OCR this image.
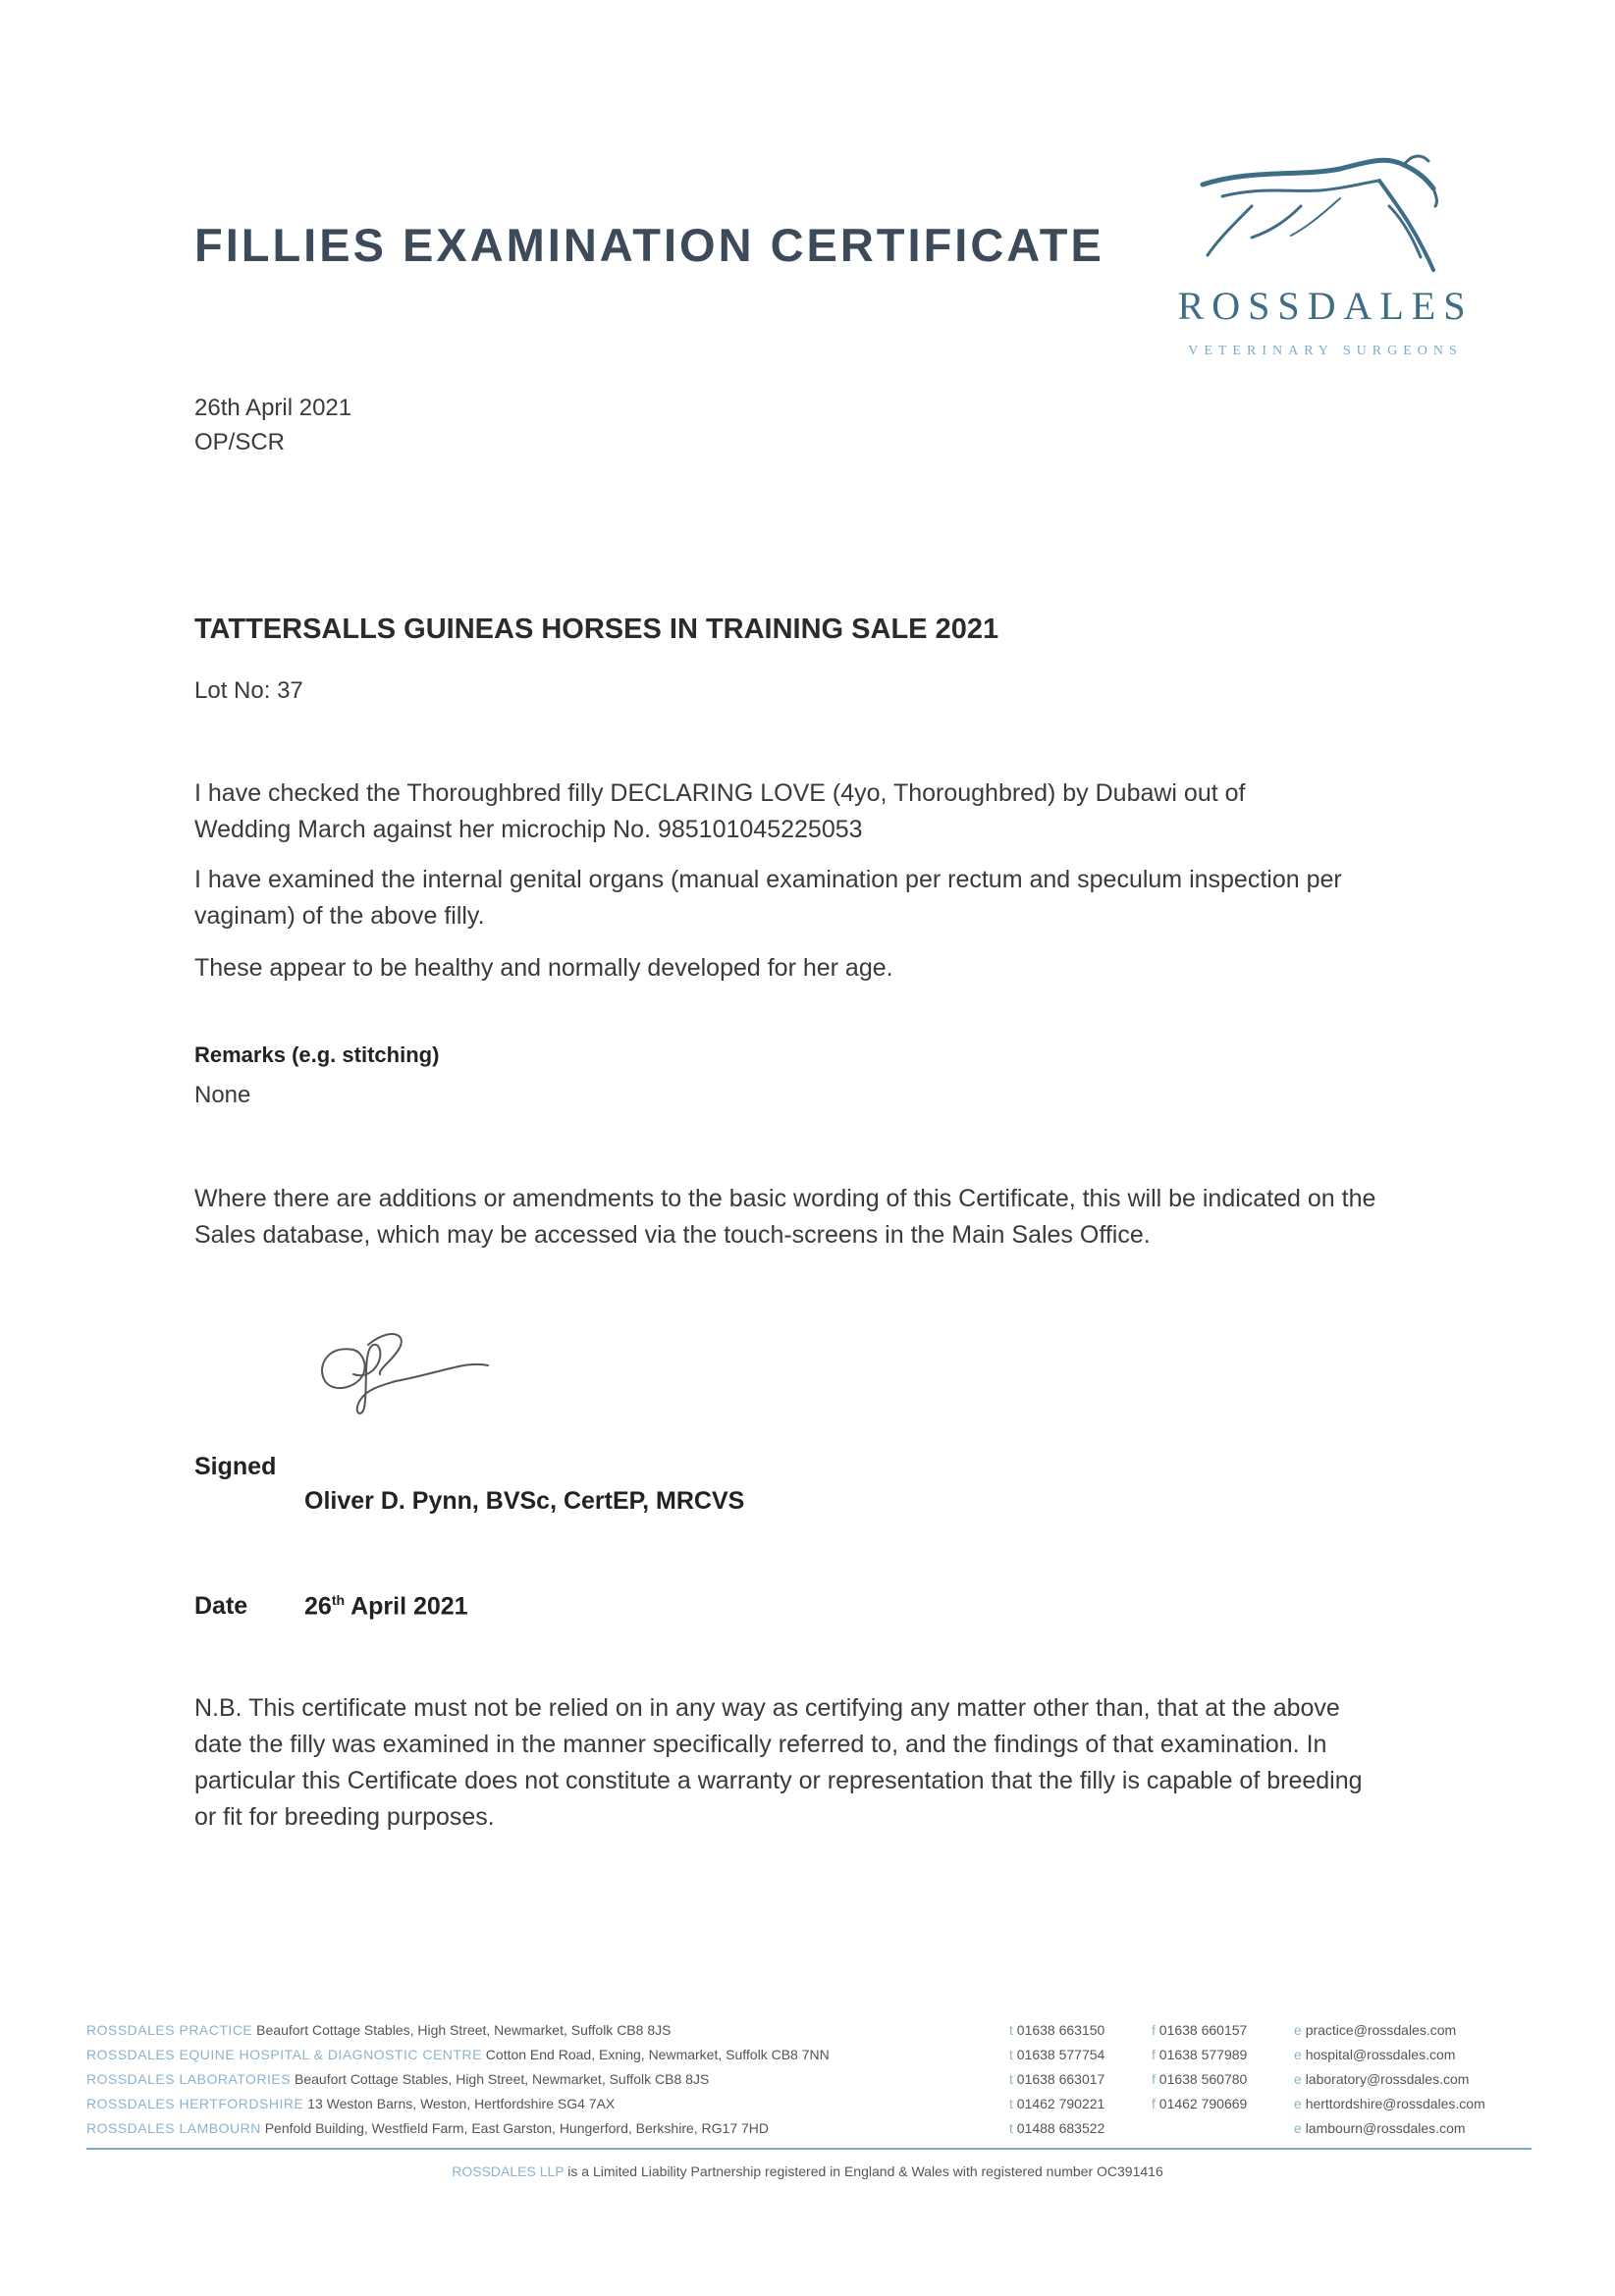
FILLIES EXAMINATION CERTIFICATE
ROSSDALES
VETERINARY SURGEONS
26th April 2021
OP/SCR
TATTERSALLS GUINEAS HORSES IN TRAINING SALE 2021
Lot No: 37
I have checked the Thoroughbred filly DECLARING LOVE (4yo, Thoroughbred) by Dubawi out of Wedding March against her microchip No. 985101045225053
I have examined the internal genital organs (manual examination per rectum and speculum inspection per vaginam) of the above filly.
These appear to be healthy and normally developed for her age.
Remarks (e.g. stitching)
None
Where there are additions or amendments to the basic wording of this Certificate, this will be indicated on the Sales database, which may be accessed via the touch-screens in the Main Sales Office.
Signed
Oliver D. Pynn, BVSc, CertEP, MRCVS
Date 26th April 2021
N.B. This certificate must not be relied on in any way as certifying any matter other than, that at the above date the filly was examined in the manner specifically referred to, and the findings of that examination. In particular this Certificate does not constitute a warranty or representation that the filly is capable of breeding or fit for breeding purposes.
ROSSDALES PRACTICE Beaufort Cottage Stables, High Street, Newmarket, Suffolk CB8 8JS	t 01638 663150	f 01638 660157	e practice@rossdales.com
ROSSDALES EQUINE HOSPITAL & DIAGNOSTIC CENTRE Cotton End Road, Exning, Newmarket, Suffolk CB8 7NN	t 01638 577754	f 01638 577989	e hospital@rossdales.com
ROSSDALES LABORATORIES Beaufort Cottage Stables, High Street, Newmarket, Suffolk CB8 8JS	t 01638 663017	f 01638 560780	e laboratory@rossdales.com
ROSSDALES HERTFORDSHIRE 13 Weston Barns, Weston, Hertfordshire SG4 7AX	t 01462 790221	f 01462 790669	e herttordshire@rossdales.com
ROSSDALES LAMBOURN Penfold Building, Westfield Farm, East Garston, Hungerford, Berkshire, RG17 7HD	t 01488 683522	e lambourn@rossdales.com
ROSSDALES LLP is a Limited Liability Partnership registered in England & Wales with registered number OC391416
